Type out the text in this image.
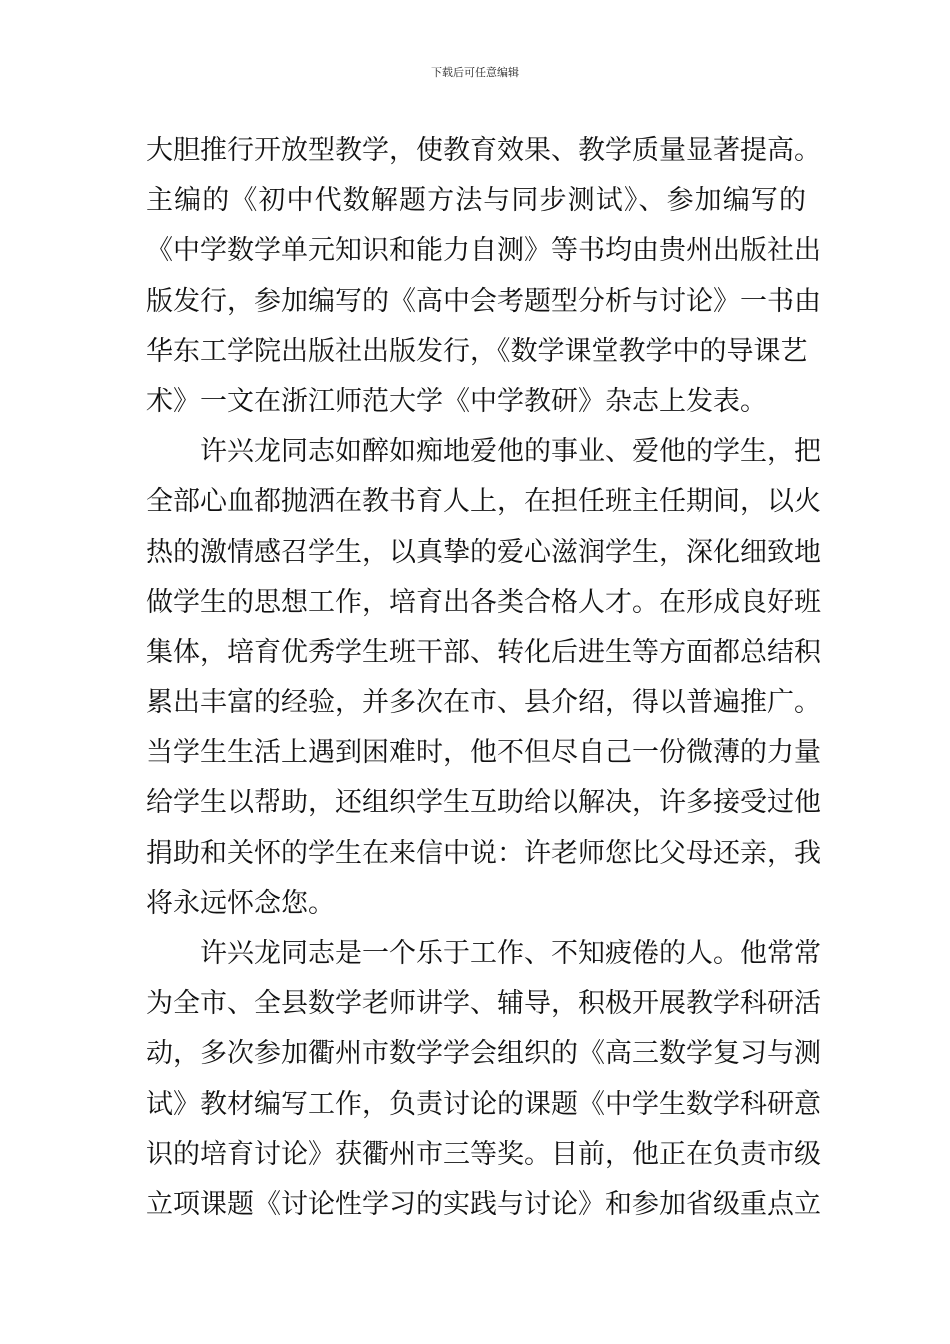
下载后可任意编辑
大胆推行开放型教学，使教育效果、教学质量显著提高。
主编的《初中代数解题方法与同步测试》、参加编写的
《中学数学单元知识和能力自测》等书均由贵州出版社出
版发行，参加编写的《高中会考题型分析与讨论》一书由
华东工学院出版社出版发行，《数学课堂教学中的导课艺
术》一文在浙江师范大学《中学教研》杂志上发表。
许兴龙同志如醉如痴地爱他的事业、爱他的学生，把
全部心血都抛洒在教书育人上，在担任班主任期间，以火
热的激情感召学生，以真挚的爱心滋润学生，深化细致地
做学生的思想工作，培育出各类合格人才。在形成良好班
集体，培育优秀学生班干部、转化后进生等方面都总结积
累出丰富的经验，并多次在市、县介绍，得以普遍推广。
当学生生活上遇到困难时，他不但尽自己一份微薄的力量
给学生以帮助，还组织学生互助给以解决，许多接受过他
捐助和关怀的学生在来信中说：许老师您比父母还亲，我
将永远怀念您。
许兴龙同志是一个乐于工作、不知疲倦的人。他常常
为全市、全县数学老师讲学、辅导，积极开展教学科研活
动，多次参加衢州市数学学会组织的《高三数学复习与测
试》教材编写工作，负责讨论的课题《中学生数学科研意
识的培育讨论》获衢州市三等奖。目前，他正在负责市级
立项课题《讨论性学习的实践与讨论》和参加省级重点立
